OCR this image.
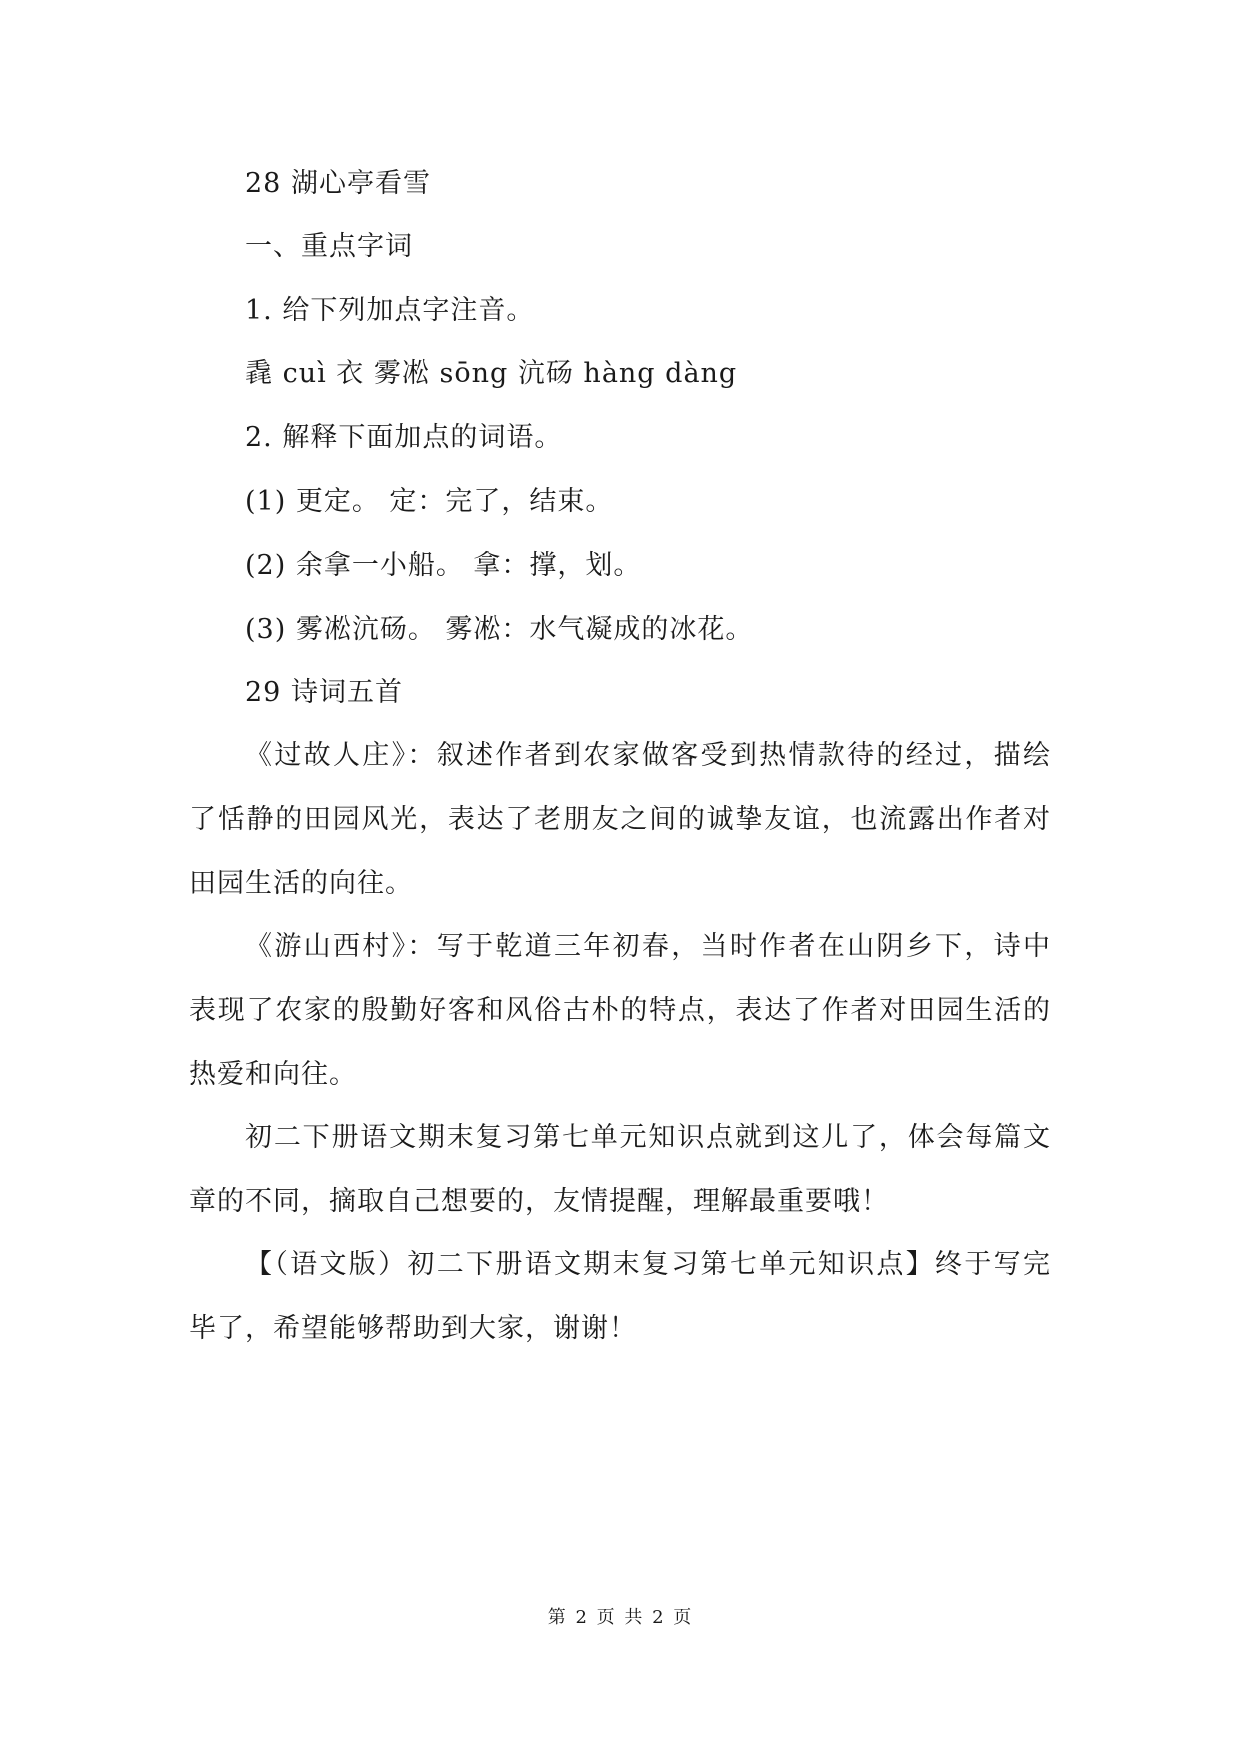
28 湖心亭看雪
一、重点字词
1. 给下列加点字注音。
毳 cuì 衣 雾凇 sōng 沆砀 hàng dàng
2. 解释下面加点的词语。
(1) 更定。 定：完了，结束。
(2) 余拿一小船。 拿：撑，划。
(3) 雾凇沆砀。 雾凇：水气凝成的冰花。
29 诗词五首
《过故人庄》：叙述作者到农家做客受到热情款待的经过，描绘
了恬静的田园风光，表达了老朋友之间的诚挚友谊，也流露出作者对
田园生活的向往。
《游山西村》：写于乾道三年初春，当时作者在山阴乡下，诗中
表现了农家的殷勤好客和风俗古朴的特点，表达了作者对田园生活的
热爱和向往。
初二下册语文期末复习第七单元知识点就到这儿了，体会每篇文
章的不同，摘取自己想要的，友情提醒，理解最重要哦！
【（语文版）初二下册语文期末复习第七单元知识点】终于写完
毕了，希望能够帮助到大家，谢谢！
第 2 页 共 2 页
